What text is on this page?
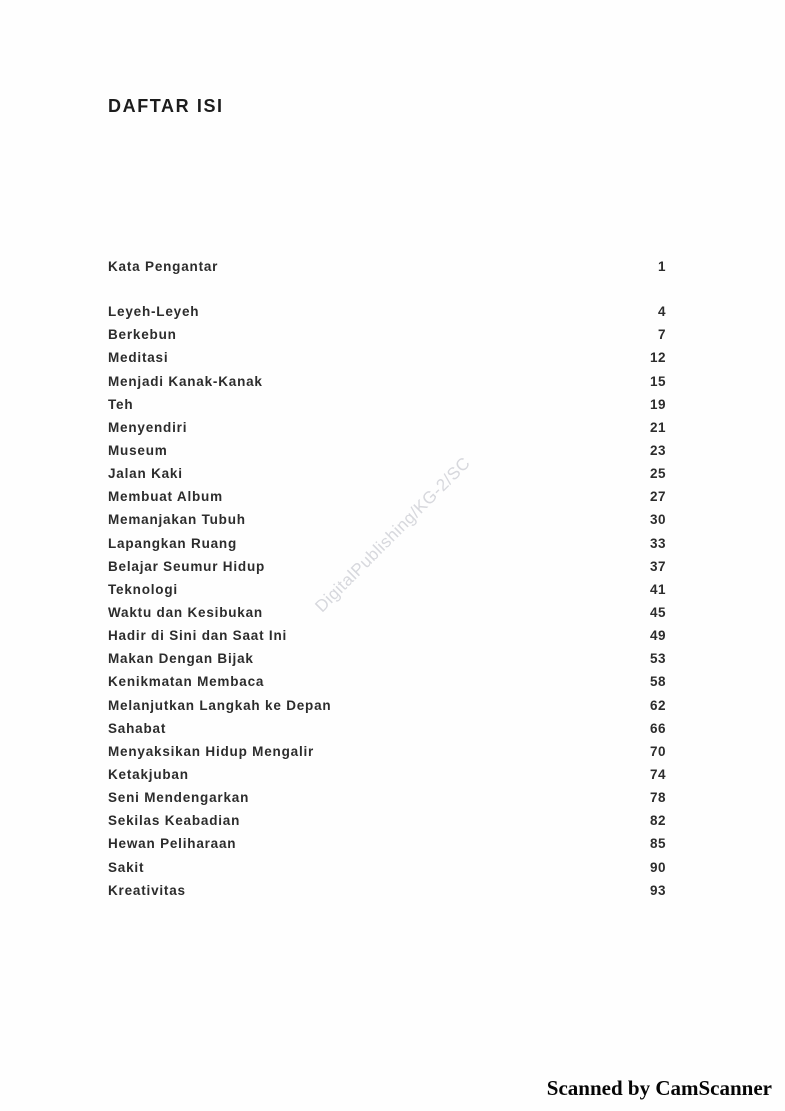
DAFTAR ISI
DigitalPublishing/KG-2/SC
Kata Pengantar	1
Leyeh-Leyeh	4
Berkebun	7
Meditasi	12
Menjadi Kanak-Kanak	15
Teh	19
Menyendiri	21
Museum	23
Jalan Kaki	25
Membuat Album	27
Memanjakan Tubuh	30
Lapangkan Ruang	33
Belajar Seumur Hidup	37
Teknologi	41
Waktu dan Kesibukan	45
Hadir di Sini dan Saat Ini	49
Makan Dengan Bijak	53
Kenikmatan Membaca	58
Melanjutkan Langkah ke Depan	62
Sahabat	66
Menyaksikan Hidup Mengalir	70
Ketakjuban	74
Seni Mendengarkan	78
Sekilas Keabadian	82
Hewan Peliharaan	85
Sakit	90
Kreativitas	93
Scanned by CamScanner
